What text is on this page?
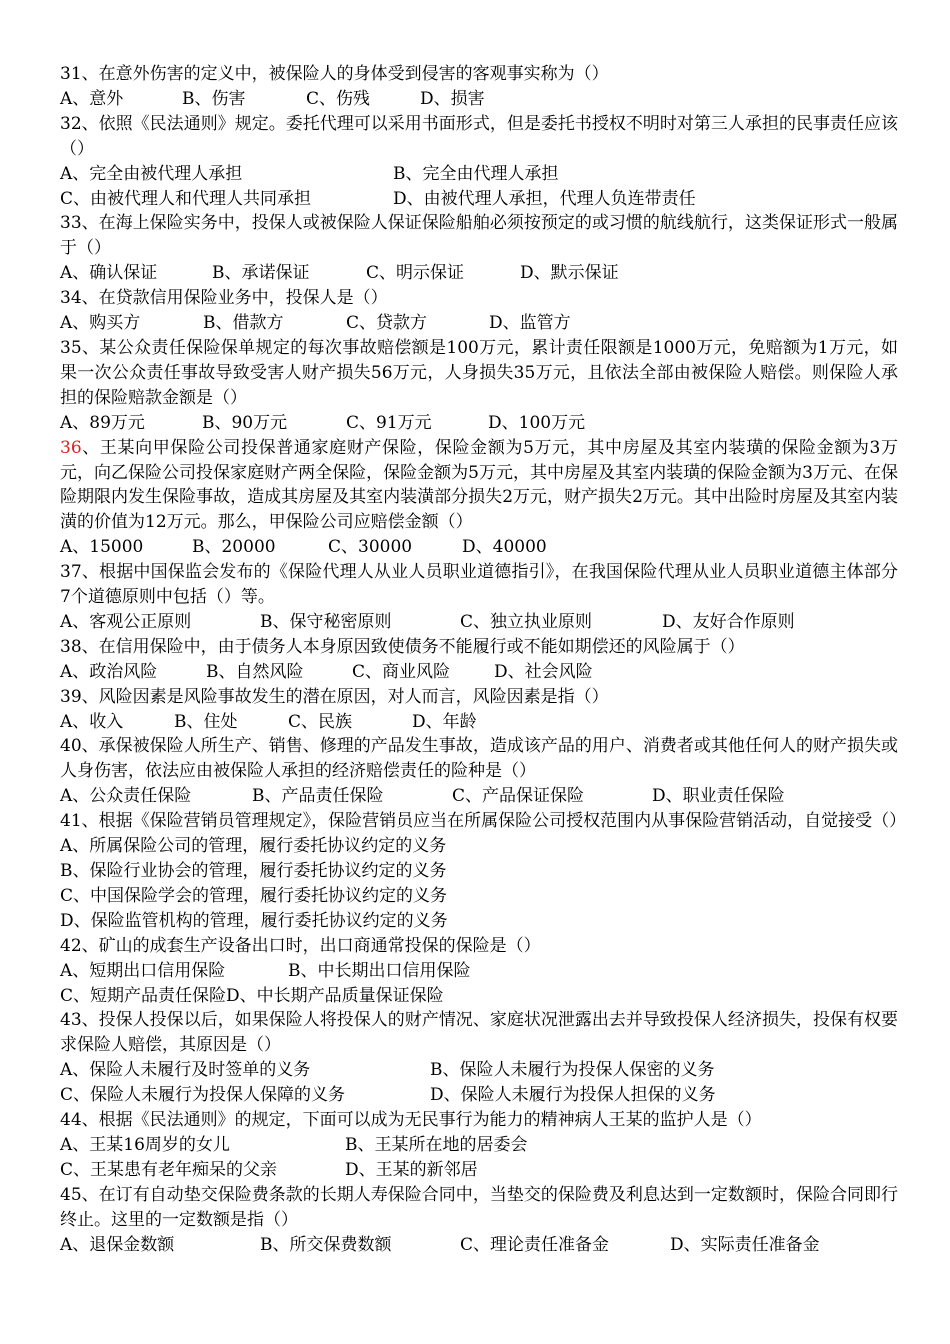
31、在意外伤害的定义中，被保险人的身体受到侵害的客观事实称为（）
A、意外	B、伤害	C、伤残	D、损害
32、依照《民法通则》规定。委托代理可以采用书面形式，但是委托书授权不明时对第三人承担的民事责任应该（）
A、完全由被代理人承担	B、完全由代理人承担
C、由被代理人和代理人共同承担	D、由被代理人承担，代理人负连带责任
33、在海上保险实务中，投保人或被保险人保证保险船舶必须按预定的或习惯的航线航行，这类保证形式一般属于（）
A、确认保证	B、承诺保证	C、明示保证	D、默示保证
34、在贷款信用保险业务中，投保人是（）
A、购买方	B、借款方	C、贷款方	D、监管方
35、某公众责任保险保单规定的每次事故赔偿额是100万元，累计责任限额是1000万元，免赔额为1万元，如果一次公众责任事故导致受害人财产损失56万元，人身损失35万元，且依法全部由被保险人赔偿。则保险人承担的保险赔款金额是（）
A、89万元	B、90万元	C、91万元	D、100万元
36、王某向甲保险公司投保普通家庭财产保险，保险金额为5万元，其中房屋及其室内装璜的保险金额为3万元，向乙保险公司投保家庭财产两全保险，保险金额为5万元，其中房屋及其室内装璜的保险金额为3万元、在保险期限内发生保险事故，造成其房屋及其室内装潢部分损失2万元，财产损失2万元。其中出险时房屋及其室内装潢的价值为12万元。那么，甲保险公司应赔偿金额（）
A、15000	B、20000	C、30000	D、40000
37、根据中国保监会发布的《保险代理人从业人员职业道德指引》，在我国保险代理从业人员职业道德主体部分7个道德原则中包括（）等。
A、客观公正原则	B、保守秘密原则	C、独立执业原则	D、友好合作原则
38、在信用保险中，由于债务人本身原因致使债务不能履行或不能如期偿还的风险属于（）
A、政治风险	B、自然风险	C、商业风险	D、社会风险
39、风险因素是风险事故发生的潜在原因，对人而言，风险因素是指（）
A、收入	B、住处	C、民族	D、年龄
40、承保被保险人所生产、销售、修理的产品发生事故，造成该产品的用户、消费者或其他任何人的财产损失或人身伤害，依法应由被保险人承担的经济赔偿责任的险种是（）
A、公众责任保险	B、产品责任保险	C、产品保证保险	D、职业责任保险
41、根据《保险营销员管理规定》，保险营销员应当在所属保险公司授权范围内从事保险营销活动，自觉接受（）
A、所属保险公司的管理，履行委托协议约定的义务
B、保险行业协会的管理，履行委托协议约定的义务
C、中国保险学会的管理，履行委托协议约定的义务
D、保险监管机构的管理，履行委托协议约定的义务
42、矿山的成套生产设备出口时，出口商通常投保的保险是（）
A、短期出口信用保险	B、中长期出口信用保险
C、短期产品责任保险D、中长期产品质量保证保险
43、投保人投保以后，如果保险人将投保人的财产情况、家庭状况泄露出去并导致投保人经济损失，投保有权要求保险人赔偿，其原因是（）
A、保险人未履行及时签单的义务	B、保险人未履行为投保人保密的义务
C、保险人未履行为投保人保障的义务	D、保险人未履行为投保人担保的义务
44、根据《民法通则》的规定，下面可以成为无民事行为能力的精神病人王某的监护人是（）
A、王某16周岁的女儿	B、王某所在地的居委会
C、王某患有老年痴呆的父亲	D、王某的新邻居
45、在订有自动垫交保险费条款的长期人寿保险合同中，当垫交的保险费及利息达到一定数额时，保险合同即行终止。这里的一定数额是指（）
A、退保金数额	B、所交保费数额	C、理论责任准备金	D、实际责任准备金
